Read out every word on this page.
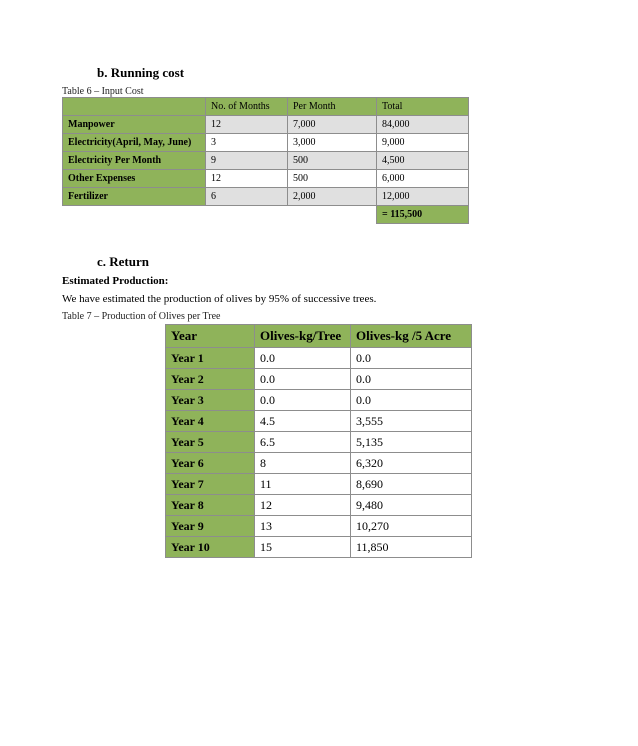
b. Running cost
Table 6 – Input Cost
	No. of Months	Per Month	Total
Manpower	12	7,000	84,000
Electricity(April, May, June)	3	3,000	9,000
Electricity Per Month	9	500	4,500
Other Expenses	12	500	6,000
Fertilizer	6	2,000	12,000
			= 115,500
c. Return
Estimated Production:
We have estimated the production of olives by 95% of successive trees.
Table 7 – Production of Olives per Tree
Year	Olives-kg/Tree	Olives-kg /5 Acre
Year 1	0.0	0.0
Year 2	0.0	0.0
Year 3	0.0	0.0
Year 4	4.5	3,555
Year 5	6.5	5,135
Year 6	8	6,320
Year 7	11	8,690
Year 8	12	9,480
Year 9	13	10,270
Year 10	15	11,850
